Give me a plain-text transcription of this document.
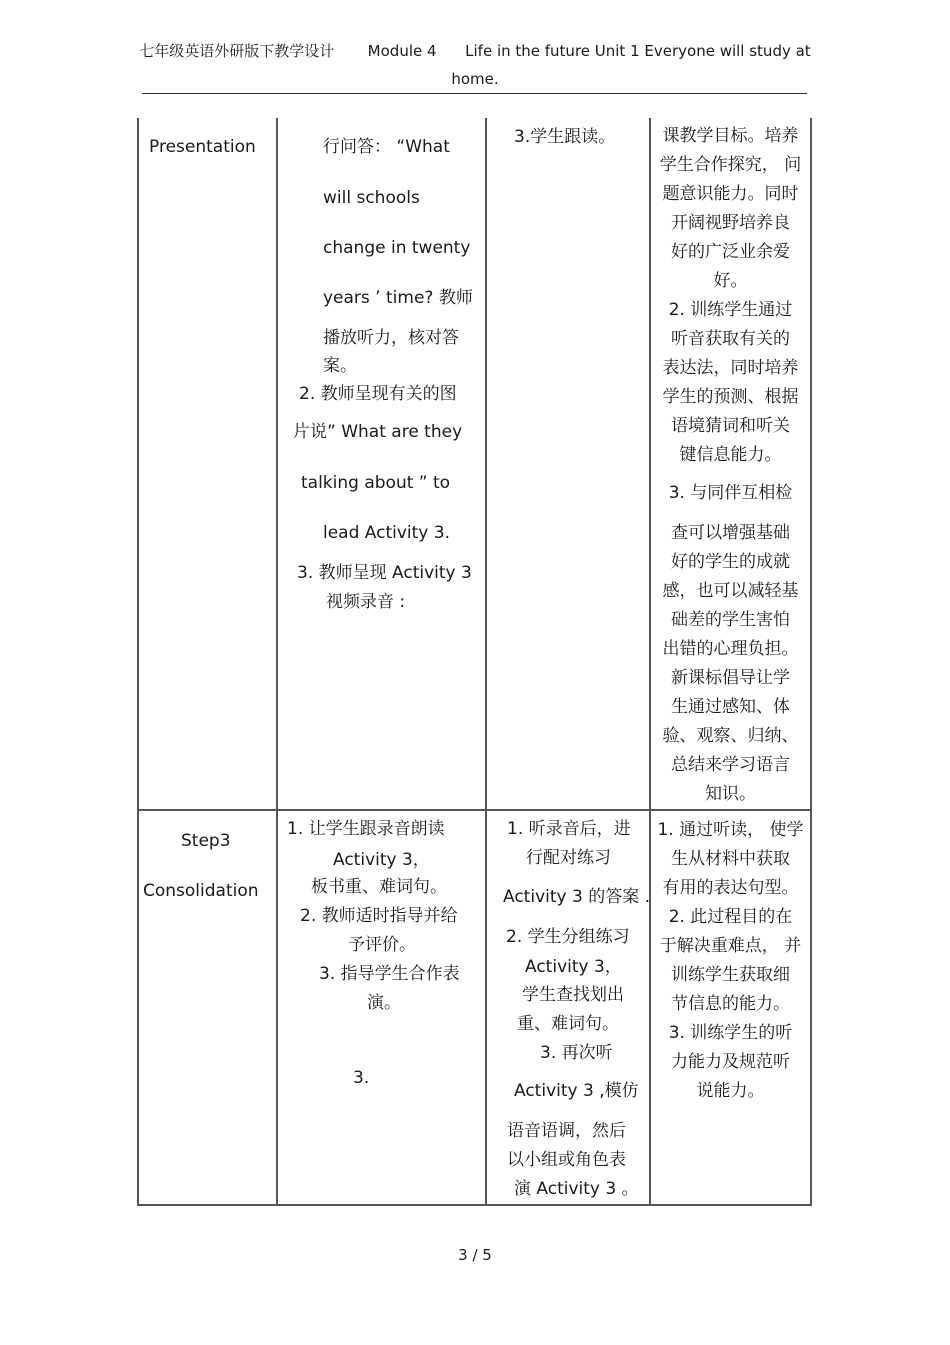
七年级英语外研版下教学设计       Module 4      Life in the future Unit 1 Everyone will study at
home.
Presentation	行问答： “What
will schools
change in twenty
years ’ time? 教师
播放听力，核对答
案。
2. 教师呈现有关的图
片说” What are they
talking about ” to
lead Activity 3.
3. 教师呈现 Activity 3
视频录音 :
3.学生跟读。	课教学目标。培养
学生合作探究， 问
题意识能力。同时
开阔视野培养良
好的广泛业余爱
好。
2. 训练学生通过
听音获取有关的
表达法，同时培养
学生的预测、根据
语境猜词和听关
键信息能力。
3. 与同伴互相检
查可以增强基础
好的学生的成就
感，也可以减轻基
础差的学生害怕
出错的心理负担。
新课标倡导让学
生通过感知、体
验、观察、归纳、
总结来学习语言
知识。
Step3
Consolidation
1. 让学生跟录音朗读
Activity 3，
板书重、难词句。
2. 教师适时指导并给
予评价。
3. 指导学生合作表
演。
3.
1. 听录音后，进
行配对练习
Activity 3 的答案 .
2. 学生分组练习
Activity 3，
学生查找划出
重、难词句。
3. 再次听
Activity 3 ,模仿
语音语调，然后
以小组或角色表
演 Activity 3 。
1. 通过听读， 使学
生从材料中获取
有用的表达句型。
2. 此过程目的在
于解决重难点， 并
训练学生获取细
节信息的能力。
3. 训练学生的听
力能力及规范听
说能力。
3 / 5
